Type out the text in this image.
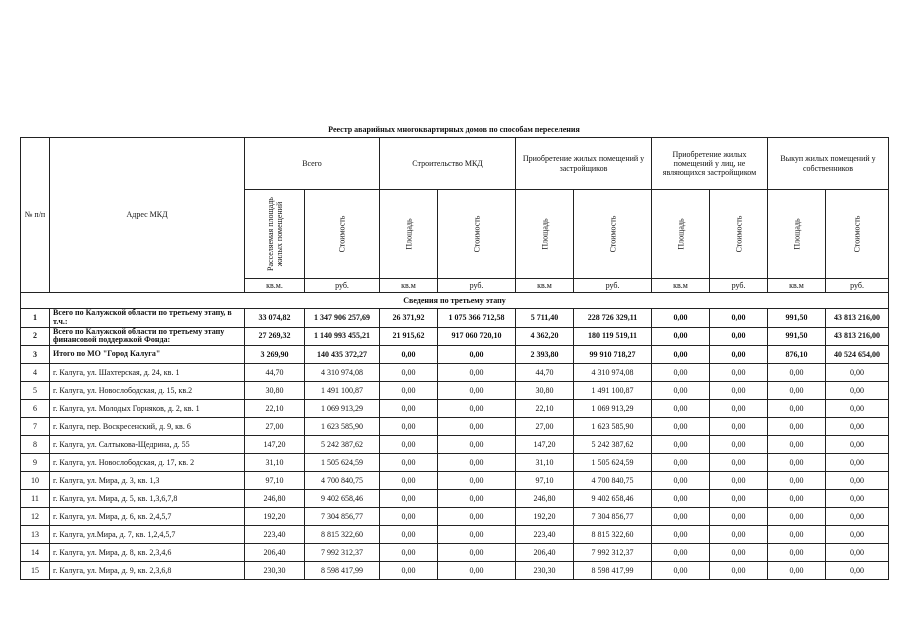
Реестр аварийных многоквартирных домов по способам переселения
№ п/п	Адрес МКД	Всего		Строительство МКД		Приобретение жилых помещений у застройщиков		Приобретение жилых помещений у лиц, не являющихся застройщиком		Выкуп жилых помещений у собственников	

		Расселяемая площадь жилых помещений	Стоимость	Площадь	Стоимость	Площадь	Стоимость	Площадь	Стоимость	Площадь	Стоимость

		кв.м.	руб.	кв.м	руб.	кв.м	руб.	кв.м	руб.	кв.м	руб.
Сведения по третьему этапу											
1	Всего по Калужской области по третьему этапу, в т.ч.:	33 074,82	1 347 906 257,69	26 371,92	1 075 366 712,58	5 711,40	228 726 329,11	0,00	0,00	991,50	43 813 216,00
2	Всего по Калужской области по третьему этапу финансовой поддержкой Фонда:	27 269,32	1 140 993 455,21	21 915,62	917 060 720,10	4 362,20	180 119 519,11	0,00	0,00	991,50	43 813 216,00
3	Итого по МО "Город Калуга"	3 269,90	140 435 372,27	0,00	0,00	2 393,80	99 910 718,27	0,00	0,00	876,10	40 524 654,00
4	г. Калуга, ул. Шахтерская, д. 24, кв. 1	44,70	4 310 974,08	0,00	0,00	44,70	4 310 974,08	0,00	0,00	0,00	0,00
5	г. Калуга, ул. Новослободская, д. 15, кв.2	30,80	1 491 100,87	0,00	0,00	30,80	1 491 100,87	0,00	0,00	0,00	0,00
6	г. Калуга, ул. Молодых Горняков, д. 2, кв. 1	22,10	1 069 913,29	0,00	0,00	22,10	1 069 913,29	0,00	0,00	0,00	0,00
7	г. Калуга, пер. Воскресенский, д. 9, кв. 6	27,00	1 623 585,90	0,00	0,00	27,00	1 623 585,90	0,00	0,00	0,00	0,00
8	г. Калуга, ул. Салтыкова-Щедрина, д. 55	147,20	5 242 387,62	0,00	0,00	147,20	5 242 387,62	0,00	0,00	0,00	0,00
9	г. Калуга, ул. Новослободская, д. 17, кв. 2	31,10	1 505 624,59	0,00	0,00	31,10	1 505 624,59	0,00	0,00	0,00	0,00
10	г. Калуга, ул. Мира, д. 3, кв. 1,3	97,10	4 700 840,75	0,00	0,00	97,10	4 700 840,75	0,00	0,00	0,00	0,00
11	г. Калуга, ул. Мира, д. 5, кв. 1,3,6,7,8	246,80	9 402 658,46	0,00	0,00	246,80	9 402 658,46	0,00	0,00	0,00	0,00
12	г. Калуга, ул. Мира, д. 6, кв. 2,4,5,7	192,20	7 304 856,77	0,00	0,00	192,20	7 304 856,77	0,00	0,00	0,00	0,00
13	г. Калуга, ул.Мира, д. 7, кв. 1,2,4,5,7	223,40	8 815 322,60	0,00	0,00	223,40	8 815 322,60	0,00	0,00	0,00	0,00
14	г. Калуга, ул. Мира, д. 8, кв. 2,3,4,6	206,40	7 992 312,37	0,00	0,00	206,40	7 992 312,37	0,00	0,00	0,00	0,00
15	г. Калуга, ул. Мира, д. 9, кв. 2,3,6,8	230,30	8 598 417,99	0,00	0,00	230,30	8 598 417,99	0,00	0,00	0,00	0,00
